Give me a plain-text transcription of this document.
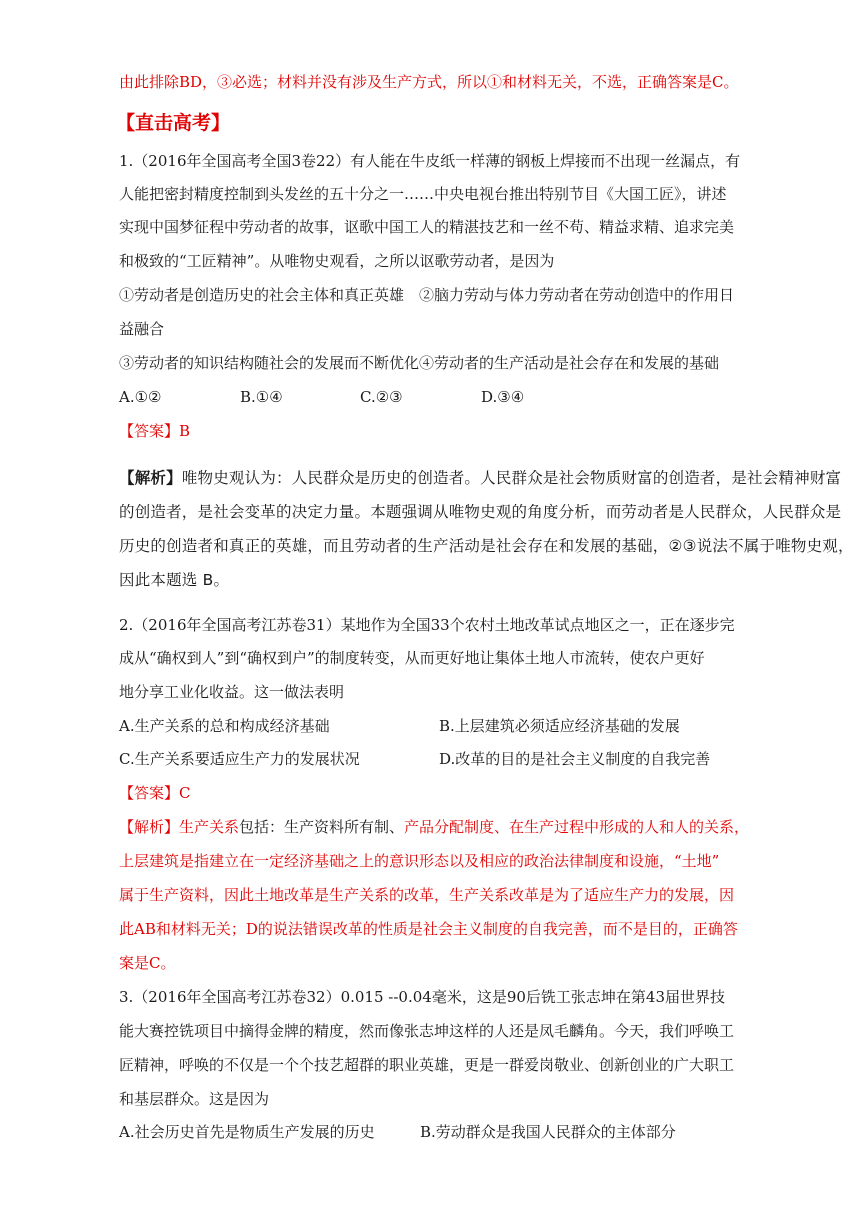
由此排除BD，③必选；材料并没有涉及生产方式，所以①和材料无关，不选，正确答案是C。
【直击高考】
1.（2016年全国高考全国3卷22）有人能在牛皮纸一样薄的钢板上焊接而不出现一丝漏点，有
人能把密封精度控制到头发丝的五十分之一……中央电视台推出特别节目《大国工匠》，讲述
实现中国梦征程中劳动者的故事，讴歌中国工人的精湛技艺和一丝不苟、精益求精、追求完美
和极致的“工匠精神”。从唯物史观看，之所以讴歌劳动者，是因为
①劳动者是创造历史的社会主体和真正英雄　②脑力劳动与体力劳动者在劳动创造中的作用日
益融合
③劳动者的知识结构随社会的发展而不断优化④劳动者的生产活动是社会存在和发展的基础
A.①②	B.①④	C.②③	D.③④
【答案】B
【解析】唯物史观认为：人民群众是历史的创造者。人民群众是社会物质财富的创造者，是社会精神财富
的创造者，是社会变革的决定力量。本题强调从唯物史观的角度分析，而劳动者是人民群众，人民群众是
历史的创造者和真正的英雄，而且劳动者的生产活动是社会存在和发展的基础，②③说法不属于唯物史观，
因此本题选 B。
2.（2016年全国高考江苏卷31）某地作为全国33个农村土地改革试点地区之一，正在逐步完
成从“确权到人”到“确权到户”的制度转变，从而更好地让集体土地人市流转，使农户更好
地分享工业化收益。这一做法表明
A.生产关系的总和构成经济基础	B.上层建筑必须适应经济基础的发展
C.生产关系要适应生产力的发展状况	D.改革的目的是社会主义制度的自我完善
【答案】C
【解析】生产关系包括：生产资料所有制、产品分配制度、在生产过程中形成的人和人的关系，
上层建筑是指建立在一定经济基础之上的意识形态以及相应的政治法律制度和设施，“土地”
属于生产资料，因此土地改革是生产关系的改革，生产关系改革是为了适应生产力的发展，因
此AB和材料无关；D的说法错误改革的性质是社会主义制度的自我完善，而不是目的，正确答
案是C。
3.（2016年全国高考江苏卷32）0.015 --0.04毫米，这是90后铣工张志坤在第43届世界技
能大赛控铣项目中摘得金牌的精度，然而像张志坤这样的人还是凤毛麟角。今天，我们呼唤工
匠精神，呼唤的不仅是一个个技艺超群的职业英雄，更是一群爱岗敬业、创新创业的广大职工
和基层群众。这是因为
A.社会历史首先是物质生产发展的历史	B.劳动群众是我国人民群众的主体部分
